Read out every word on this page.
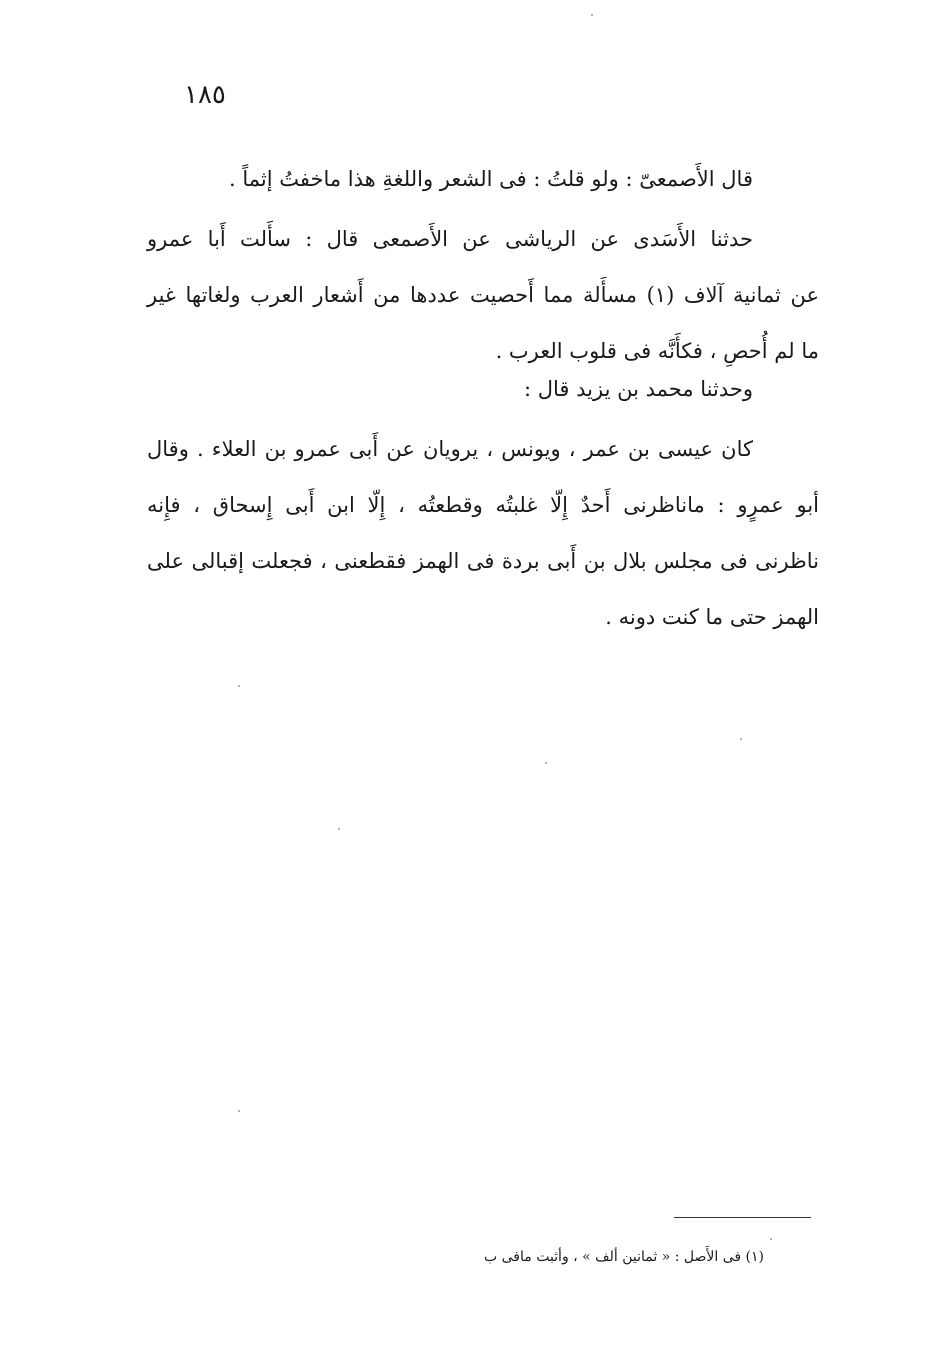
١٨٥
قال الأَصمعىّ : ولو قلتُ : فى الشعر واللغةِ هذا ماخفتُ إثماً .
حدثنا الأَسَدى عن الرياشى عن الأَصمعى قال : سأَلت أَبا عمرو
عن ثمانية آلاف (١) مسأَلة مما أَحصيت عددها من أَشعار العرب ولغاتها غير
ما لم أُحصِ ، فكأَنَّه فى قلوب العرب .
وحدثنا محمد بن يزيد قال :
كان عيسى بن عمر ، ويونس ، يرويان عن أَبى عمرو بن العلاء . وقال
أبو عمرٍو : ماناظرنى أَحدٌ إِلّا غلبتُه وقطعتُه ، إِلّا ابن أَبى إِسحاق ، فإِنه
ناظرنى فى مجلس بلال بن أَبى بردة فى الهمز فقطعنى ، فجعلت إقبالى على
الهمز حتى ما كنت دونه .
(١) فى الأَصل : « ثمانين ألف » ، وأثبت مافى ب
